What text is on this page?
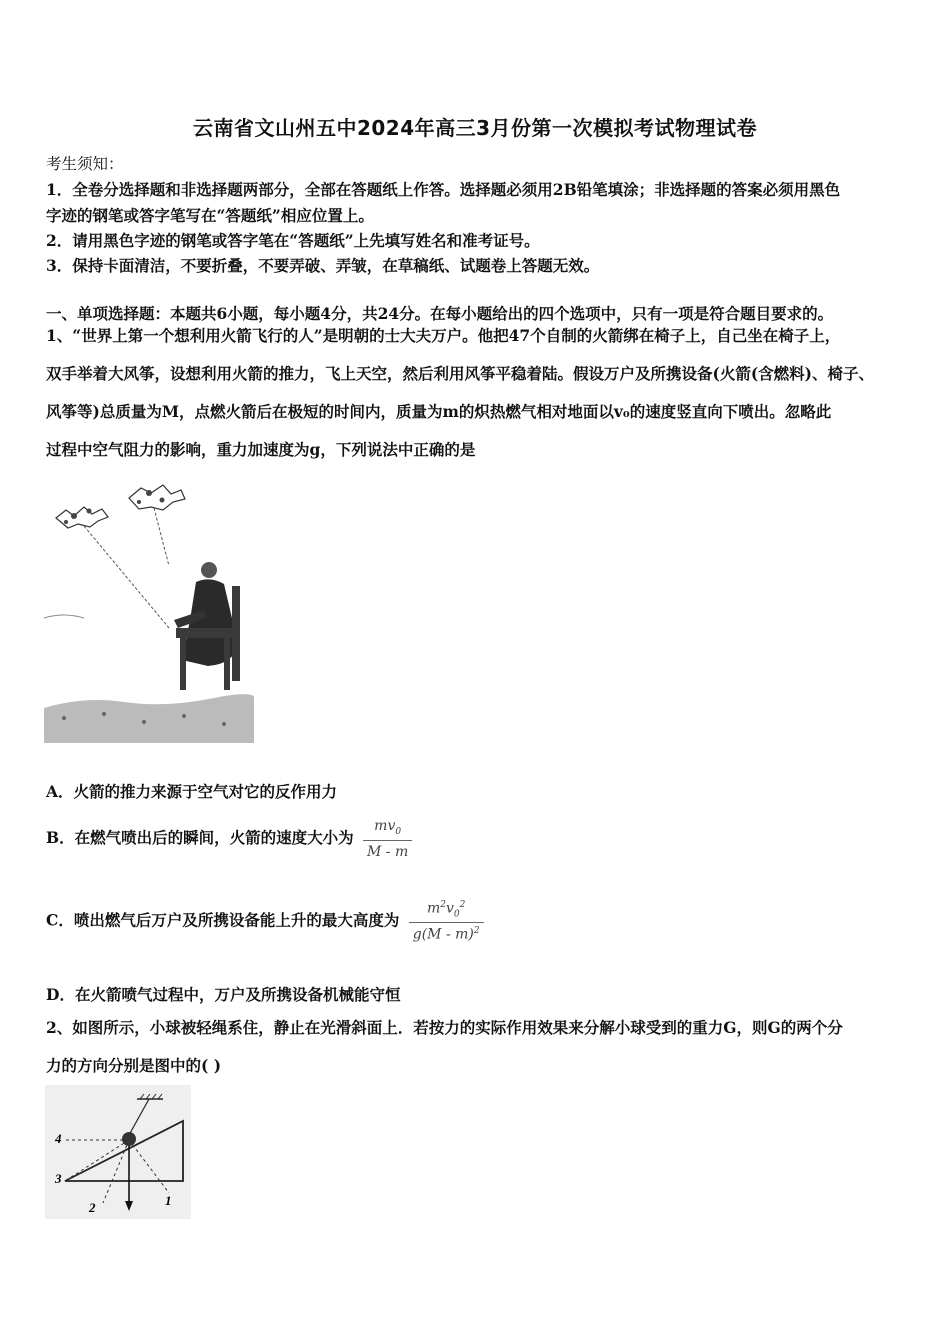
云南省文山州五中2024年高三3月份第一次模拟考试物理试卷
考生须知：
1．全卷分选择题和非选择题两部分，全部在答题纸上作答。选择题必须用2B铅笔填涂；非选择题的答案必须用黑色
字迹的钢笔或答字笔写在“答题纸”相应位置上。
2．请用黑色字迹的钢笔或答字笔在“答题纸”上先填写姓名和准考证号。
3．保持卡面清洁，不要折叠，不要弄破、弄皱，在草稿纸、试题卷上答题无效。
一、单项选择题：本题共6小题，每小题4分，共24分。在每小题给出的四个选项中，只有一项是符合题目要求的。
1、“世界上第一个想利用火箭飞行的人”是明朝的士大夫万户。他把47个自制的火箭绑在椅子上，自己坐在椅子上，
双手举着大风筝，设想利用火箭的推力，飞上天空，然后利用风筝平稳着陆。假设万户及所携设备(火箭(含燃料)、椅子、
风筝等)总质量为M，点燃火箭后在极短的时间内，质量为m的炽热燃气相对地面以v₀的速度竖直向下喷出。忽略此
过程中空气阻力的影响，重力加速度为g，下列说法中正确的是
A．火箭的推力来源于空气对它的反作用力
B．在燃气喷出后的瞬间，火箭的速度大小为 $\frac{mv_0}{M - m}$
C．喷出燃气后万户及所携设备能上升的最大高度为 $\frac{m^2v_0^2}{g(M - m)^2}$
D．在火箭喷气过程中，万户及所携设备机械能守恒
2、如图所示，小球被轻绳系住，静止在光滑斜面上．若按力的实际作用效果来分解小球受到的重力G，则G的两个分
力的方向分别是图中的( )
4
3
2	1
